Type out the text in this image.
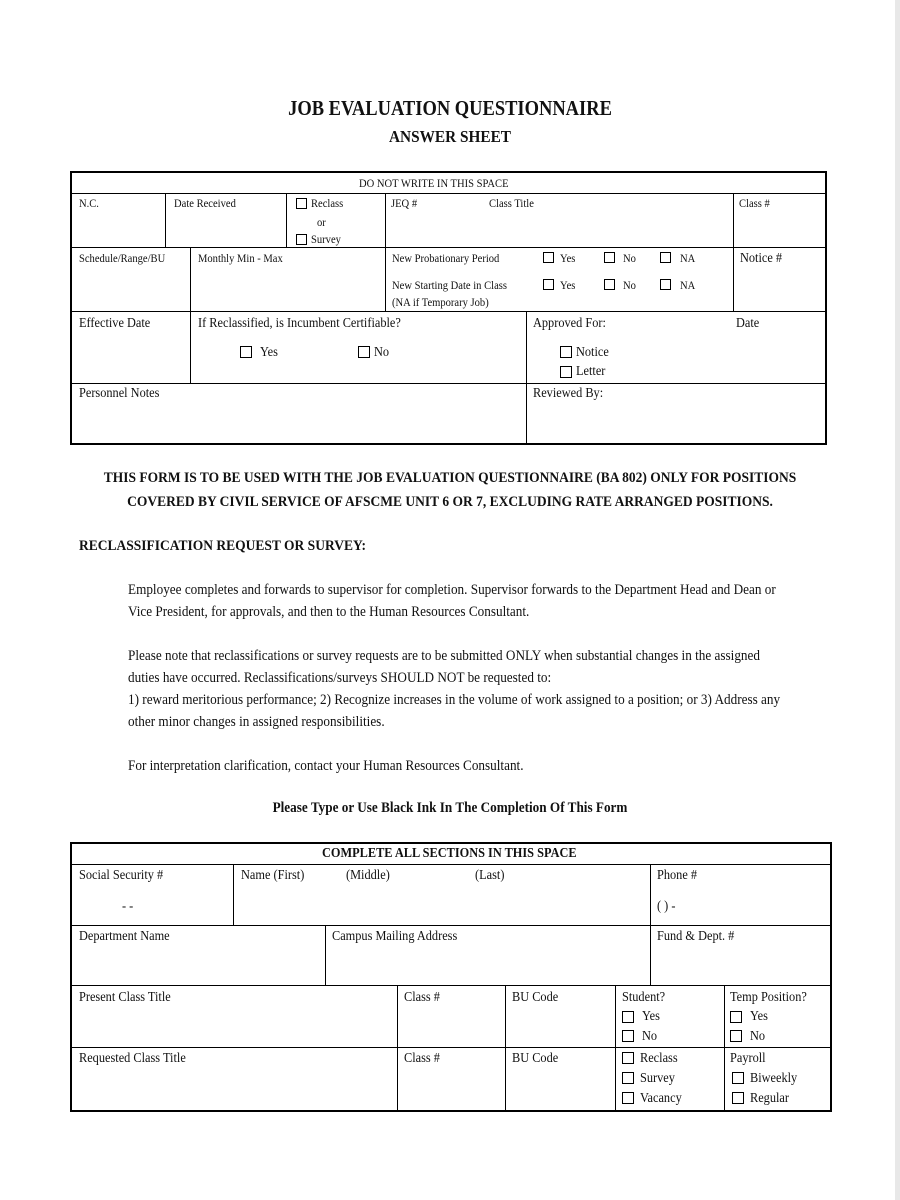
JOB EVALUATION QUESTIONNAIRE
ANSWER SHEET
DO NOT WRITE IN THIS SPACE
N.C.	Date Received	Reclass
or
Survey
JEQ #	Class Title	Class #
Schedule/Range/BU	Monthly Min - Max	New Probationary Period	Yes	No	NA	Notice #
New Starting Date in Class
(NA if Temporary Job)
Yes	No	NA
Effective Date	If Reclassified, is Incumbent Certifiable?
Yes	No
Approved For:	Date
Notice
Letter
Personnel Notes	Reviewed By:
THIS FORM IS TO BE USED WITH THE JOB EVALUATION QUESTIONNAIRE (BA 802) ONLY FOR POSITIONS
COVERED BY CIVIL SERVICE OF AFSCME UNIT 6 OR 7, EXCLUDING RATE ARRANGED POSITIONS.
RECLASSIFICATION REQUEST OR SURVEY:
Employee completes and forwards to supervisor for completion. Supervisor forwards to the Department Head and Dean or
Vice President, for approvals, and then to the Human Resources Consultant.
Please note that reclassifications or survey requests are to be submitted ONLY when substantial changes in the assigned
duties have occurred. Reclassifications/surveys SHOULD NOT be requested to:
1) reward meritorious performance; 2) Recognize increases in the volume of work assigned to a position; or 3) Address any
other minor changes in assigned responsibilities.
For interpretation clarification, contact your Human Resources Consultant.
Please Type or Use Black Ink In The Completion Of This Form
COMPLETE ALL SECTIONS IN THIS SPACE
Social Security #
- -
Name (First)	(Middle)	(Last)	Phone #
( ) -
Department Name	Campus Mailing Address	Fund & Dept. #
Present Class Title	Class #	BU Code	Student?
Yes
No
Temp Position?
Yes
No
Requested Class Title	Class #	BU Code	Reclass
Survey
Vacancy
Payroll
Biweekly
Regular
